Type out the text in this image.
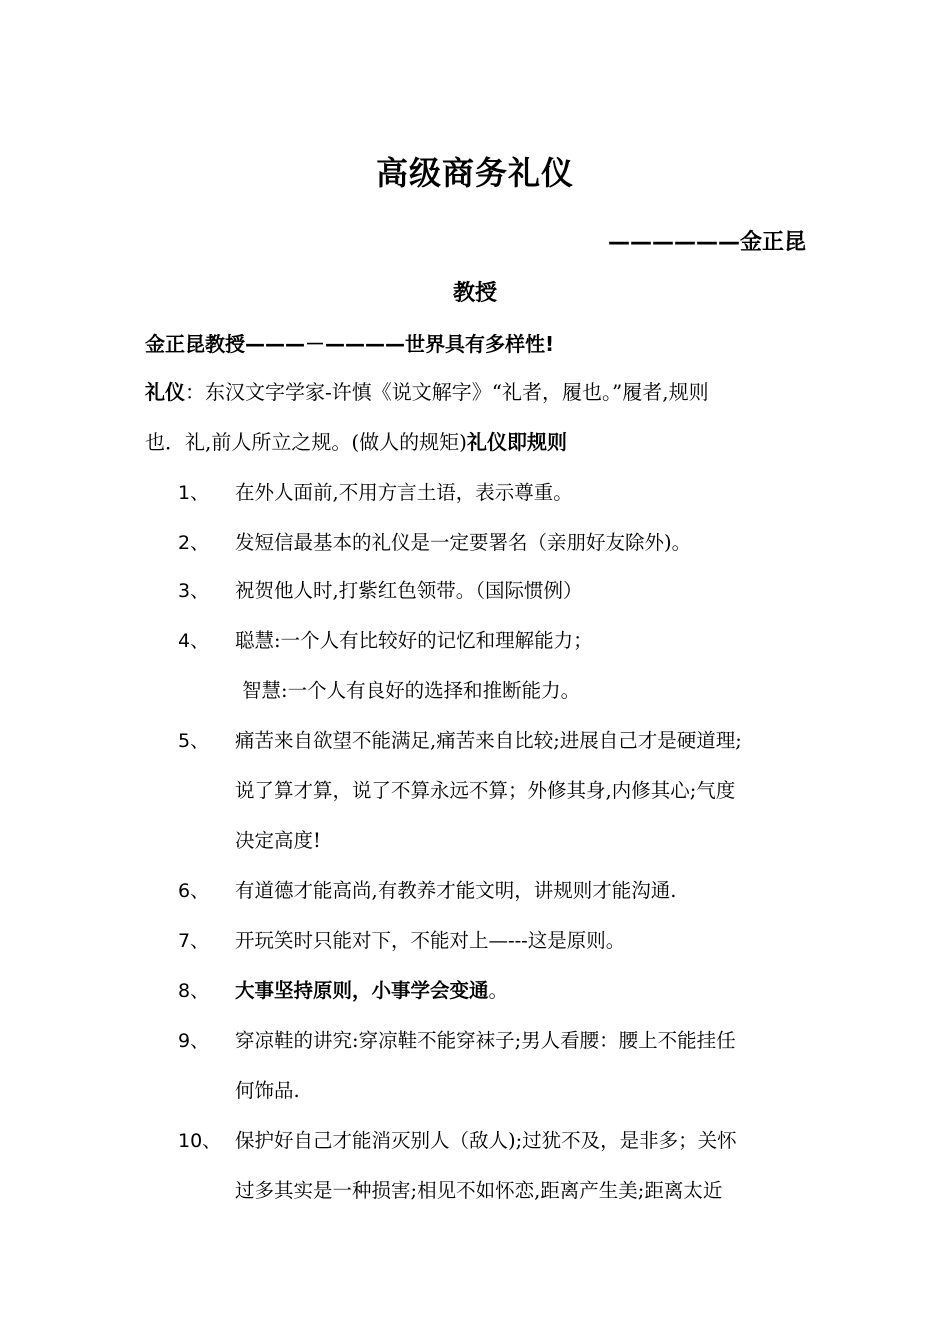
高级商务礼仪
——————金正昆
教授
金正昆教授———－————世界具有多样性!
礼仪：东汉文字学家-许慎《说文解字》“礼者，履也。”履者,规则
也．礼,前人所立之规。(做人的规矩)礼仪即规则
1、 在外人面前,不用方言土语，表示尊重。
2、 发短信最基本的礼仪是一定要署名（亲朋好友除外)。
3、 祝贺他人时,打紫红色领带。（国际惯例）
4、 聪慧:一个人有比较好的记忆和理解能力；
智慧:一个人有良好的选择和推断能力。
5、 痛苦来自欲望不能满足,痛苦来自比较;进展自己才是硬道理;
说了算才算，说了不算永远不算；外修其身,内修其心;气度
决定高度!
6、 有道德才能高尚,有教养才能文明，讲规则才能沟通.
7、 开玩笑时只能对下，不能对上—---这是原则。
8、 大事坚持原则，小事学会变通。
9、 穿凉鞋的讲究:穿凉鞋不能穿袜子;男人看腰：腰上不能挂任
何饰品.
10、 保护好自己才能消灭别人（敌人);过犹不及，是非多；关怀
过多其实是一种损害;相见不如怀恋,距离产生美;距离太近
